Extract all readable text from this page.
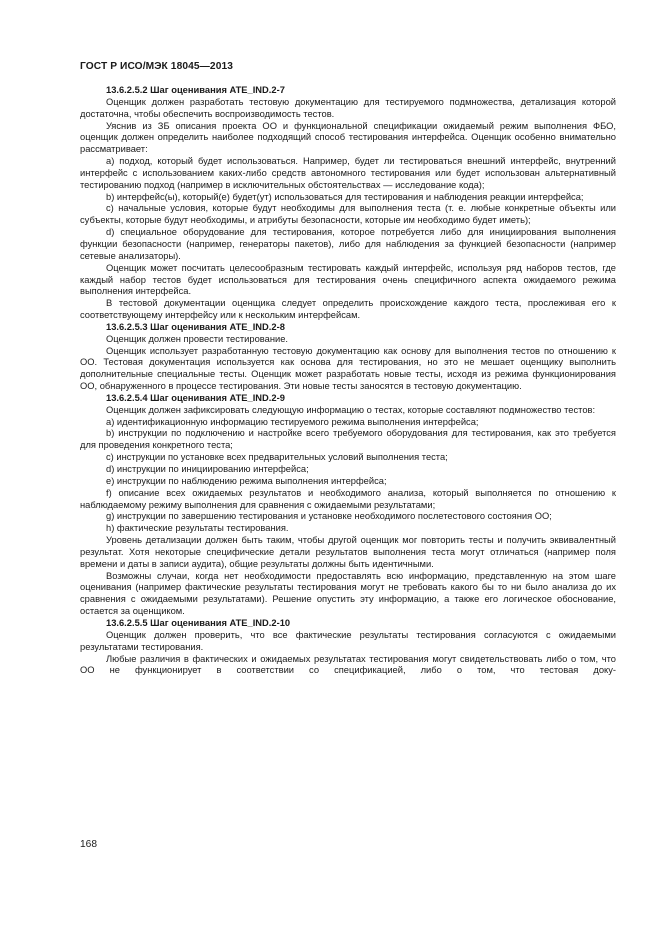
ГОСТ Р ИСО/МЭК 18045—2013

13.6.2.5.2 Шаг оценивания ATE_IND.2-7

Оценщик должен разработать тестовую документацию для тестируемого подмножества, детализация которой достаточна, чтобы обеспечить воспроизводимость тестов.

Уяснив из ЗБ описания проекта ОО и функциональной спецификации ожидаемый режим выполнения ФБО, оценщик должен определить наиболее подходящий способ тестирования интерфейса. Оценщик особенно внимательно рассматривает:

a) подход, который будет использоваться. Например, будет ли тестироваться внешний интерфейс, внутренний интерфейс с использованием каких-либо средств автономного тестирования или будет использован альтернативный тестированию подход (например в исключительных обстоятельствах — исследование кода);

b) интерфейс(ы), который(е) будет(ут) использоваться для тестирования и наблюдения реакции интерфейса;

c) начальные условия, которые будут необходимы для выполнения теста (т. е. любые конкретные объекты или субъекты, которые будут необходимы, и атрибуты безопасности, которые им необходимо будет иметь);

d) специальное оборудование для тестирования, которое потребуется либо для инициирования выполнения функции безопасности (например, генераторы пакетов), либо для наблюдения за функцией безопасности (например сетевые анализаторы).

Оценщик может посчитать целесообразным тестировать каждый интерфейс, используя ряд наборов тестов, где каждый набор тестов будет использоваться для тестирования очень специфичного аспекта ожидаемого режима выполнения интерфейса.

В тестовой документации оценщика следует определить происхождение каждого теста, прослеживая его к соответствующему интерфейсу или к нескольким интерфейсам.

13.6.2.5.3 Шаг оценивания ATE_IND.2-8

Оценщик должен провести тестирование.

Оценщик использует разработанную тестовую документацию как основу для выполнения тестов по отношению к ОО. Тестовая документация используется как основа для тестирования, но это не мешает оценщику выполнить дополнительные специальные тесты. Оценщик может разработать новые тесты, исходя из режима функционирования ОО, обнаруженного в процессе тестирования. Эти новые тесты заносятся в тестовую документацию.

13.6.2.5.4 Шаг оценивания ATE_IND.2-9

Оценщик должен зафиксировать следующую информацию о тестах, которые составляют подмножество тестов:

a) идентификационную информацию тестируемого режима выполнения интерфейса;

b) инструкции по подключению и настройке всего требуемого оборудования для тестирования, как это требуется для проведения конкретного теста;

c) инструкции по установке всех предварительных условий выполнения теста;

d) инструкции по инициированию интерфейса;

e) инструкции по наблюдению режима выполнения интерфейса;

f) описание всех ожидаемых результатов и необходимого анализа, который выполняется по отношению к наблюдаемому режиму выполнения для сравнения с ожидаемыми результатами;

g) инструкции по завершению тестирования и установке необходимого послетестового состояния ОО;

h) фактические результаты тестирования.

Уровень детализации должен быть таким, чтобы другой оценщик мог повторить тесты и получить эквивалентный результат. Хотя некоторые специфические детали результатов выполнения теста могут отличаться (например поля времени и даты в записи аудита), общие результаты должны быть идентичными.

Возможны случаи, когда нет необходимости предоставлять всю информацию, представленную на этом шаге оценивания (например фактические результаты тестирования могут не требовать какого бы то ни было анализа до их сравнения с ожидаемыми результатами). Решение опустить эту информацию, а также его логическое обоснование, остается за оценщиком.

13.6.2.5.5 Шаг оценивания ATE_IND.2-10

Оценщик должен проверить, что все фактические результаты тестирования согласуются с ожидаемыми результатами тестирования.

Любые различия в фактических и ожидаемых результатах тестирования могут свидетельствовать либо о том, что ОО не функционирует в соответствии со спецификацией, либо о том, что тестовая доку-

168
